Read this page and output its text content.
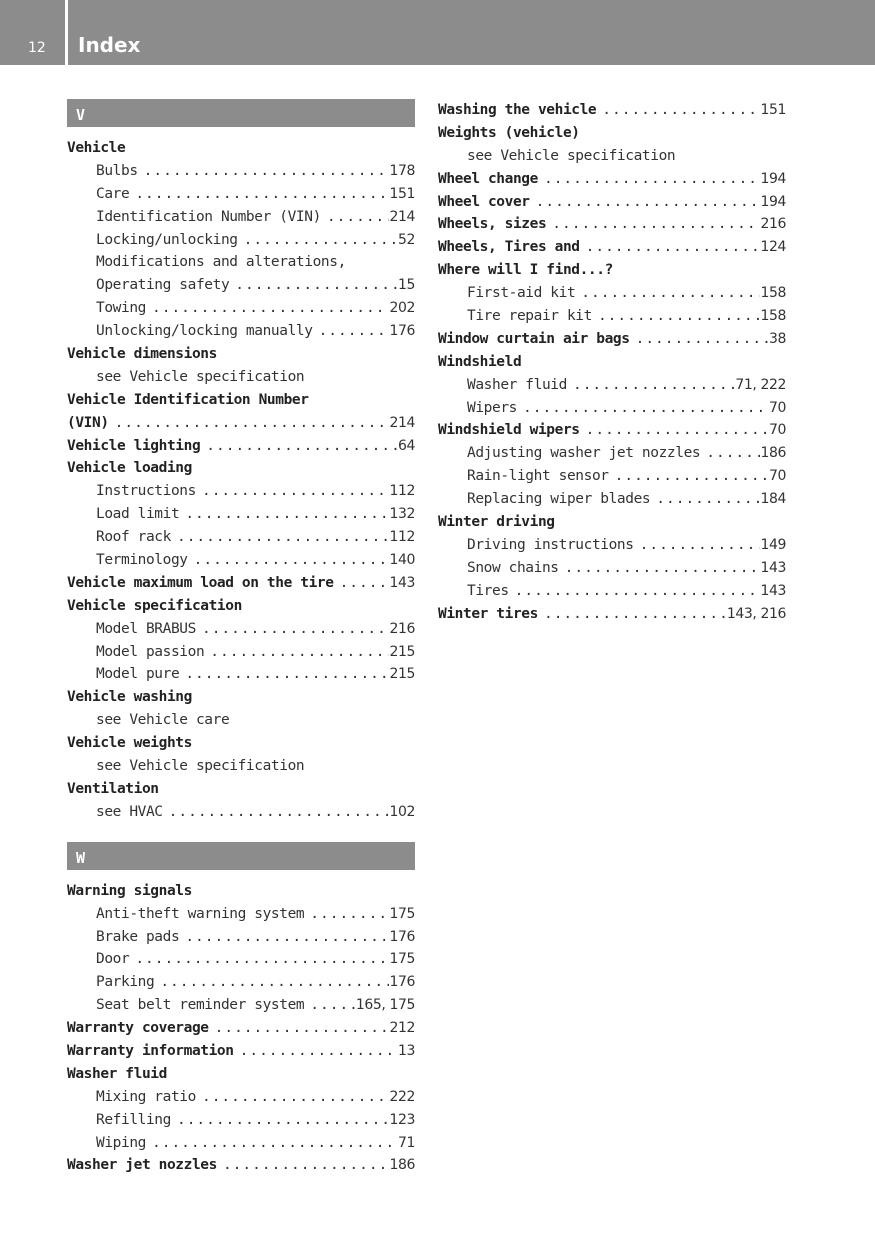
12 Index
V
Vehicle
Bulbs .....	178
Care .....	151
Identification Number (VIN) .....	214
Locking/unlocking .....	52
Modifications and alterations,
Operating safety .....	15
Towing .....	202
Unlocking/locking manually .....	176
Vehicle dimensions
see Vehicle specification
Vehicle Identification Number
(VIN) .....	214
Vehicle lighting .....	64
Vehicle loading
Instructions .....	112
Load limit .....	132
Roof rack .....	112
Terminology .....	140
Vehicle maximum load on the tire .....	143
Vehicle specification
Model BRABUS .....	216
Model passion .....	215
Model pure .....	215
Vehicle washing
see Vehicle care
Vehicle weights
see Vehicle specification
Ventilation
see HVAC .....	102
W
Warning signals
Anti-theft warning system .....	175
Brake pads .....	176
Door .....	175
Parking .....	176
Seat belt reminder system .....	165, 175
Warranty coverage .....	212
Warranty information .....	13
Washer fluid
Mixing ratio .....	222
Refilling .....	123
Wiping .....	71
Washer jet nozzles .....	186
Washing the vehicle .....	151
Weights (vehicle)
see Vehicle specification
Wheel change .....	194
Wheel cover .....	194
Wheels, sizes .....	216
Wheels, Tires and .....	124
Where will I find...?
First-aid kit .....	158
Tire repair kit .....	158
Window curtain air bags .....	38
Windshield
Washer fluid .....	71, 222
Wipers .....	70
Windshield wipers .....	70
Adjusting washer jet nozzles .....	186
Rain-light sensor .....	70
Replacing wiper blades .....	184
Winter driving
Driving instructions .....	149
Snow chains .....	143
Tires .....	143
Winter tires .....	143, 216
